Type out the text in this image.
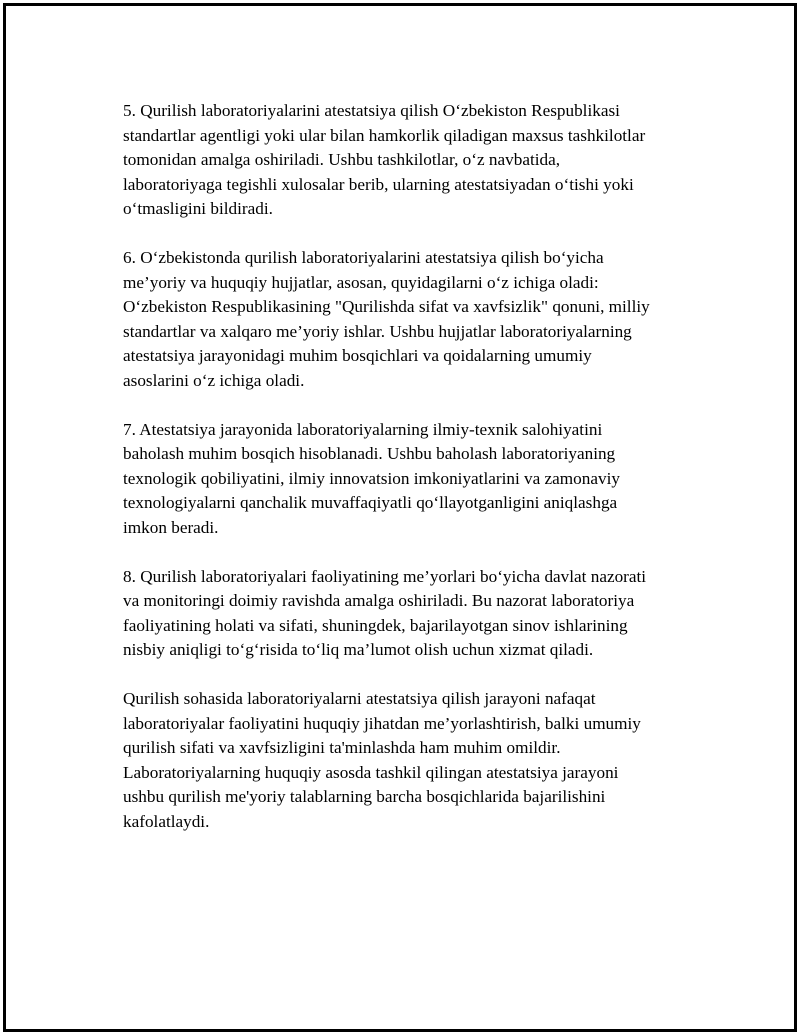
5. Qurilish laboratoriyalarini atestatsiya qilish O‘zbekiston Respublikasi
standartlar agentligi yoki ular bilan hamkorlik qiladigan maxsus tashkilotlar
tomonidan amalga oshiriladi. Ushbu tashkilotlar, o‘z navbatida,
laboratoriyaga tegishli xulosalar berib, ularning atestatsiyadan o‘tishi yoki
o‘tmasligini bildiradi.

6. O‘zbekistonda qurilish laboratoriyalarini atestatsiya qilish bo‘yicha
me’yoriy va huquqiy hujjatlar, asosan, quyidagilarni o‘z ichiga oladi:
O‘zbekiston Respublikasining "Qurilishda sifat va xavfsizlik" qonuni, milliy
standartlar va xalqaro me’yoriy ishlar. Ushbu hujjatlar laboratoriyalarning
atestatsiya jarayonidagi muhim bosqichlari va qoidalarning umumiy
asoslarini o‘z ichiga oladi.

7. Atestatsiya jarayonida laboratoriyalarning ilmiy-texnik salohiyatini
baholash muhim bosqich hisoblanadi. Ushbu baholash laboratoriyaning
texnologik qobiliyatini, ilmiy innovatsion imkoniyatlarini va zamonaviy
texnologiyalarni qanchalik muvaffaqiyatli qo‘llayotganligini aniqlashga
imkon beradi.

8. Qurilish laboratoriyalari faoliyatining me’yorlari bo‘yicha davlat nazorati
va monitoringi doimiy ravishda amalga oshiriladi. Bu nazorat laboratoriya
faoliyatining holati va sifati, shuningdek, bajarilayotgan sinov ishlarining
nisbiy aniqligi to‘g‘risida to‘liq ma’lumot olish uchun xizmat qiladi.

Qurilish sohasida laboratoriyalarni atestatsiya qilish jarayoni nafaqat
laboratoriyalar faoliyatini huquqiy jihatdan me’yorlashtirish, balki umumiy
qurilish sifati va xavfsizligini ta'minlashda ham muhim omildir.
Laboratoriyalarning huquqiy asosda tashkil qilingan atestatsiya jarayoni
ushbu qurilish me'yoriy talablarning barcha bosqichlarida bajarilishini
kafolatlaydi.
